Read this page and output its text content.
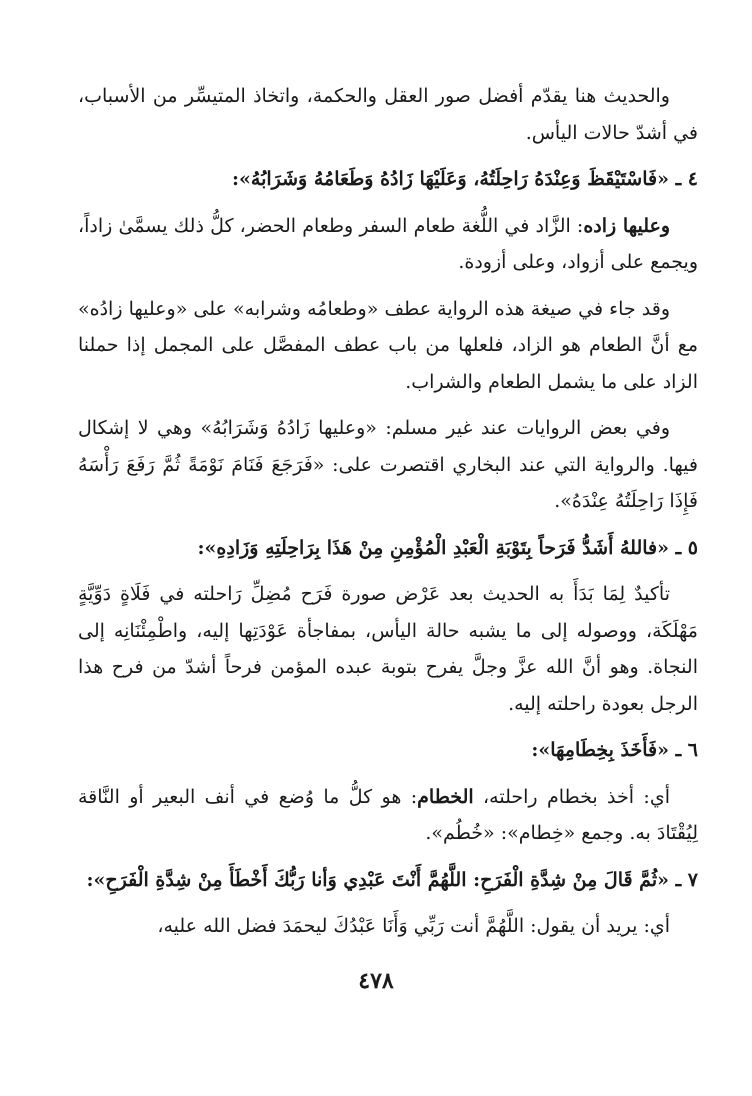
والحديث هنا يقدّم أفضل صور العقل والحكمة، واتخاذ المتيسِّر من الأسباب، في أشدّ حالات اليأس.

٤ ـ «فَاسْتَيْقَظَ وَعِنْدَهُ رَاحِلَتُهُ، وَعَلَيْهَا زَادُهُ وَطَعَامُهُ وَشَرَابُهُ»:

وعليها زاده: الزَّاد في اللُّغة طعام السفر وطعام الحضر، كلُّ ذلك يسمَّىٰ زاداً، ويجمع على أزواد، وعلى أزودة.

وقد جاء في صيغة هذه الرواية عطف «وطعامُه وشرابه» على «وعليها زادُه» مع أنَّ الطعام هو الزاد، فلعلها من باب عطف المفصَّل على المجمل إذا حملنا الزاد على ما يشمل الطعام والشراب.

وفي بعض الروايات عند غير مسلم: «وعليها زَادُهُ وَشَرَابُهُ» وهي لا إشكال فيها. والرواية التي عند البخاري اقتصرت على: «فَرَجَعَ فَنَامَ نَوْمَةً ثُمَّ رَفَعَ رَأْسَهُ فَإِذَا رَاحِلَتُهُ عِنْدَهُ».

٥ ـ «فاللهُ أَشَدُّ فَرَحاً بِتَوْبَةِ الْعَبْدِ الْمُؤْمِنِ مِنْ هَذَا بِرَاحِلَتِهِ وَزَادِهِ»:

تأكيدٌ لِمَا بَدَأَ به الحديث بعد عَرْض صورة فَرَح مُضِلِّ رَاحلته في فَلَاةٍ دَوِّيَّةٍ مَهْلَكَة، ووصوله إلى ما يشبه حالة اليأس، بمفاجأة عَوْدَتِها إليه، واطْمِئْنَانِه إلى النجاة. وهو أنَّ الله عزَّ وجلَّ يفرح بتوبة عبده المؤمن فرحاً أشدّ من فرح هذا الرجل بعودة راحلته إليه.

٦ ـ «فَأَخَذَ بِخِطَامِهَا»:

أي: أخذ بخطام راحلته، الخطام: هو كلُّ ما وُضع في أنف البعير أو النَّاقة لِيُقْتَادَ به. وجمع «خِطام»: «خُطُم».

٧ ـ «ثُمَّ قَالَ مِنْ شِدَّةِ الْفَرَحِ: اللَّهُمَّ أَنْتَ عَبْدِي وَأنا رَبُّكَ أَخْطَأَ مِنْ شِدَّةِ الْفَرَحِ»:

أي: يريد أن يقول: اللَّهُمَّ أنت رَبِّي وَأَنَا عَبْدُكَ ليحمَدَ فضل الله عليه،

٤٧٨
